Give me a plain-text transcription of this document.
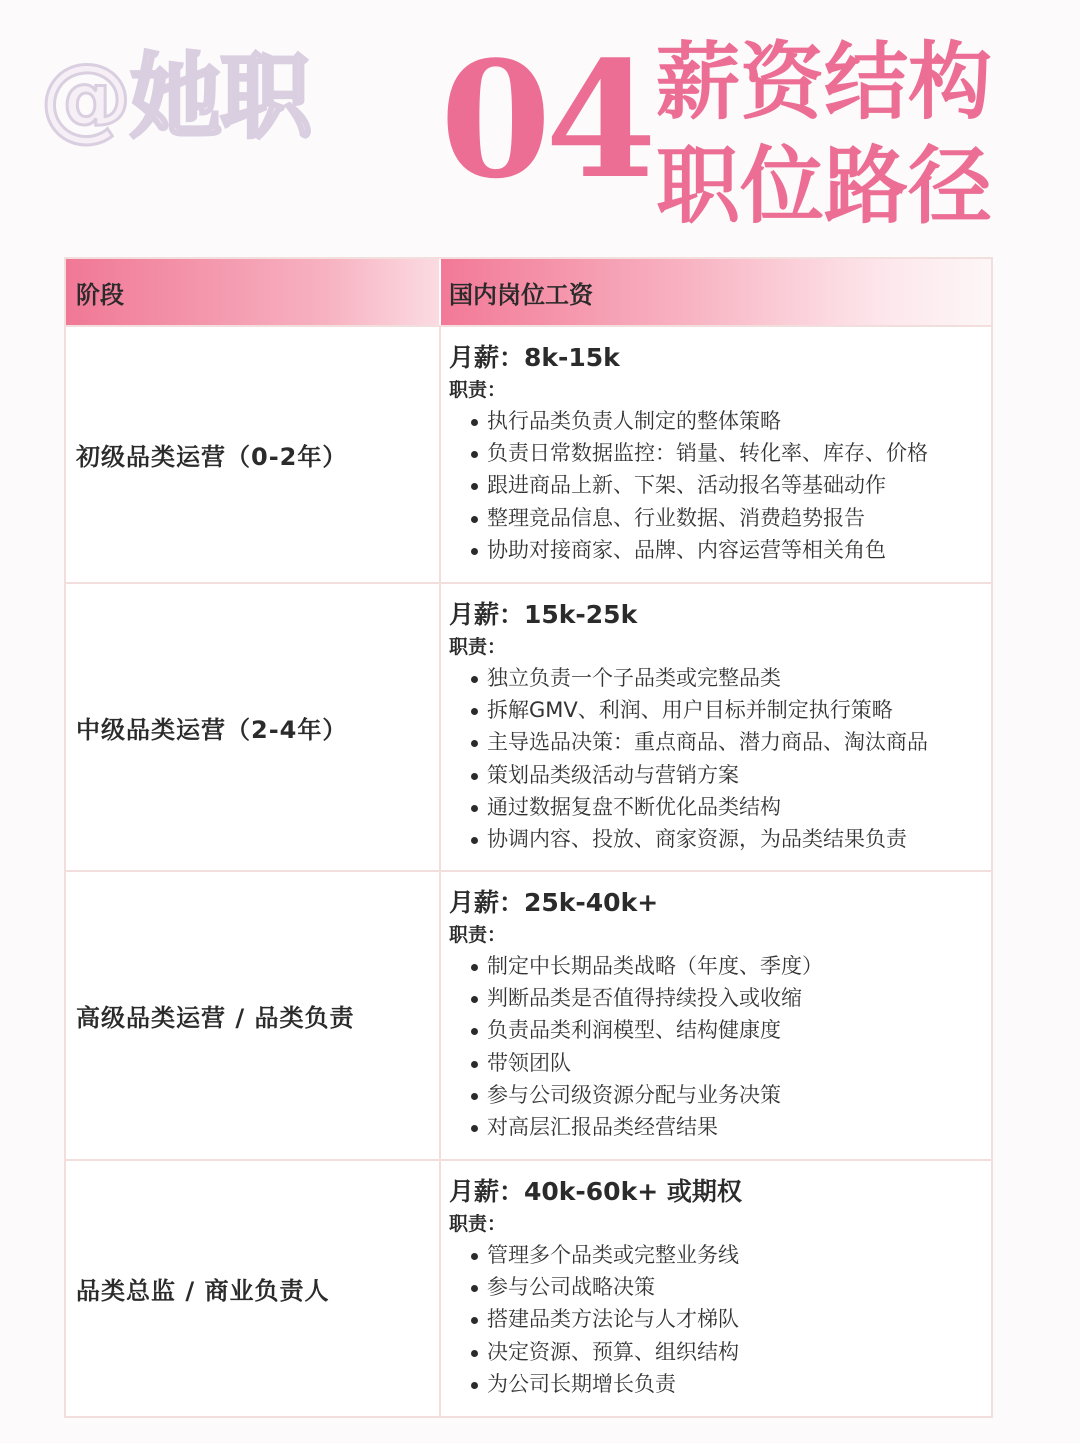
@她职 04 薪资结构
职位路径
阶段	国内岗位工资
初级品类运营（0-2年）
月薪：8k-15k
职责：
执行品类负责人制定的整体策略
负责日常数据监控：销量、转化率、库存、价格
跟进商品上新、下架、活动报名等基础动作
整理竞品信息、行业数据、消费趋势报告
协助对接商家、品牌、内容运营等相关角色
中级品类运营（2-4年）
月薪：15k-25k
职责：
独立负责一个子品类或完整品类
拆解GMV、利润、用户目标并制定执行策略
主导选品决策：重点商品、潜力商品、淘汰商品
策划品类级活动与营销方案
通过数据复盘不断优化品类结构
协调内容、投放、商家资源，为品类结果负责
高级品类运营 / 品类负责
月薪：25k-40k+
职责：
制定中长期品类战略（年度、季度）
判断品类是否值得持续投入或收缩
负责品类利润模型、结构健康度
带领团队
参与公司级资源分配与业务决策
对高层汇报品类经营结果
品类总监 / 商业负责人
月薪：40k-60k+ 或期权
职责：
管理多个品类或完整业务线
参与公司战略决策
搭建品类方法论与人才梯队
决定资源、预算、组织结构
为公司长期增长负责
